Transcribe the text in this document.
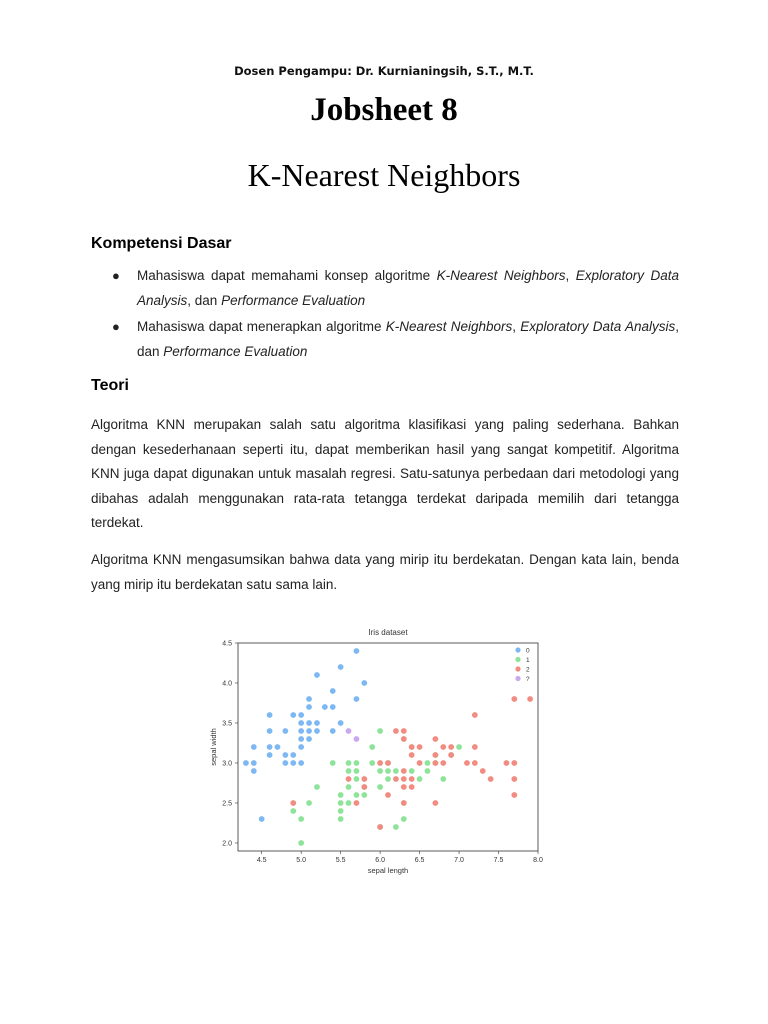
Dosen Pengampu: Dr. Kurnianingsih, S.T., M.T.
Jobsheet 8
K-Nearest Neighbors
Kompetensi Dasar
● Mahasiswa dapat memahami konsep algoritme K-Nearest Neighbors, Exploratory Data Analysis, dan Performance Evaluation
● Mahasiswa dapat menerapkan algoritme K-Nearest Neighbors, Exploratory Data Analysis, dan Performance Evaluation
Teori

Algoritma KNN merupakan salah satu algoritma klasifikasi yang paling sederhana. Bahkan dengan kesederhanaan seperti itu, dapat memberikan hasil yang sangat kompetitif. Algoritma KNN juga dapat digunakan untuk masalah regresi. Satu-satunya perbedaan dari metodologi yang dibahas adalah menggunakan rata-rata tetangga terdekat daripada memilih dari tetangga terdekat.

Algoritma KNN mengasumsikan bahwa data yang mirip itu berdekatan. Dengan kata lain, benda yang mirip itu berdekatan satu sama lain.

Iris dataset
4.5	5.0	5.5	6.0	6.5	7.0	7.5	8.0
2.0
2.5
3.0
3.5
4.0
4.5
sepal length
sepal width
0
1
2
?
